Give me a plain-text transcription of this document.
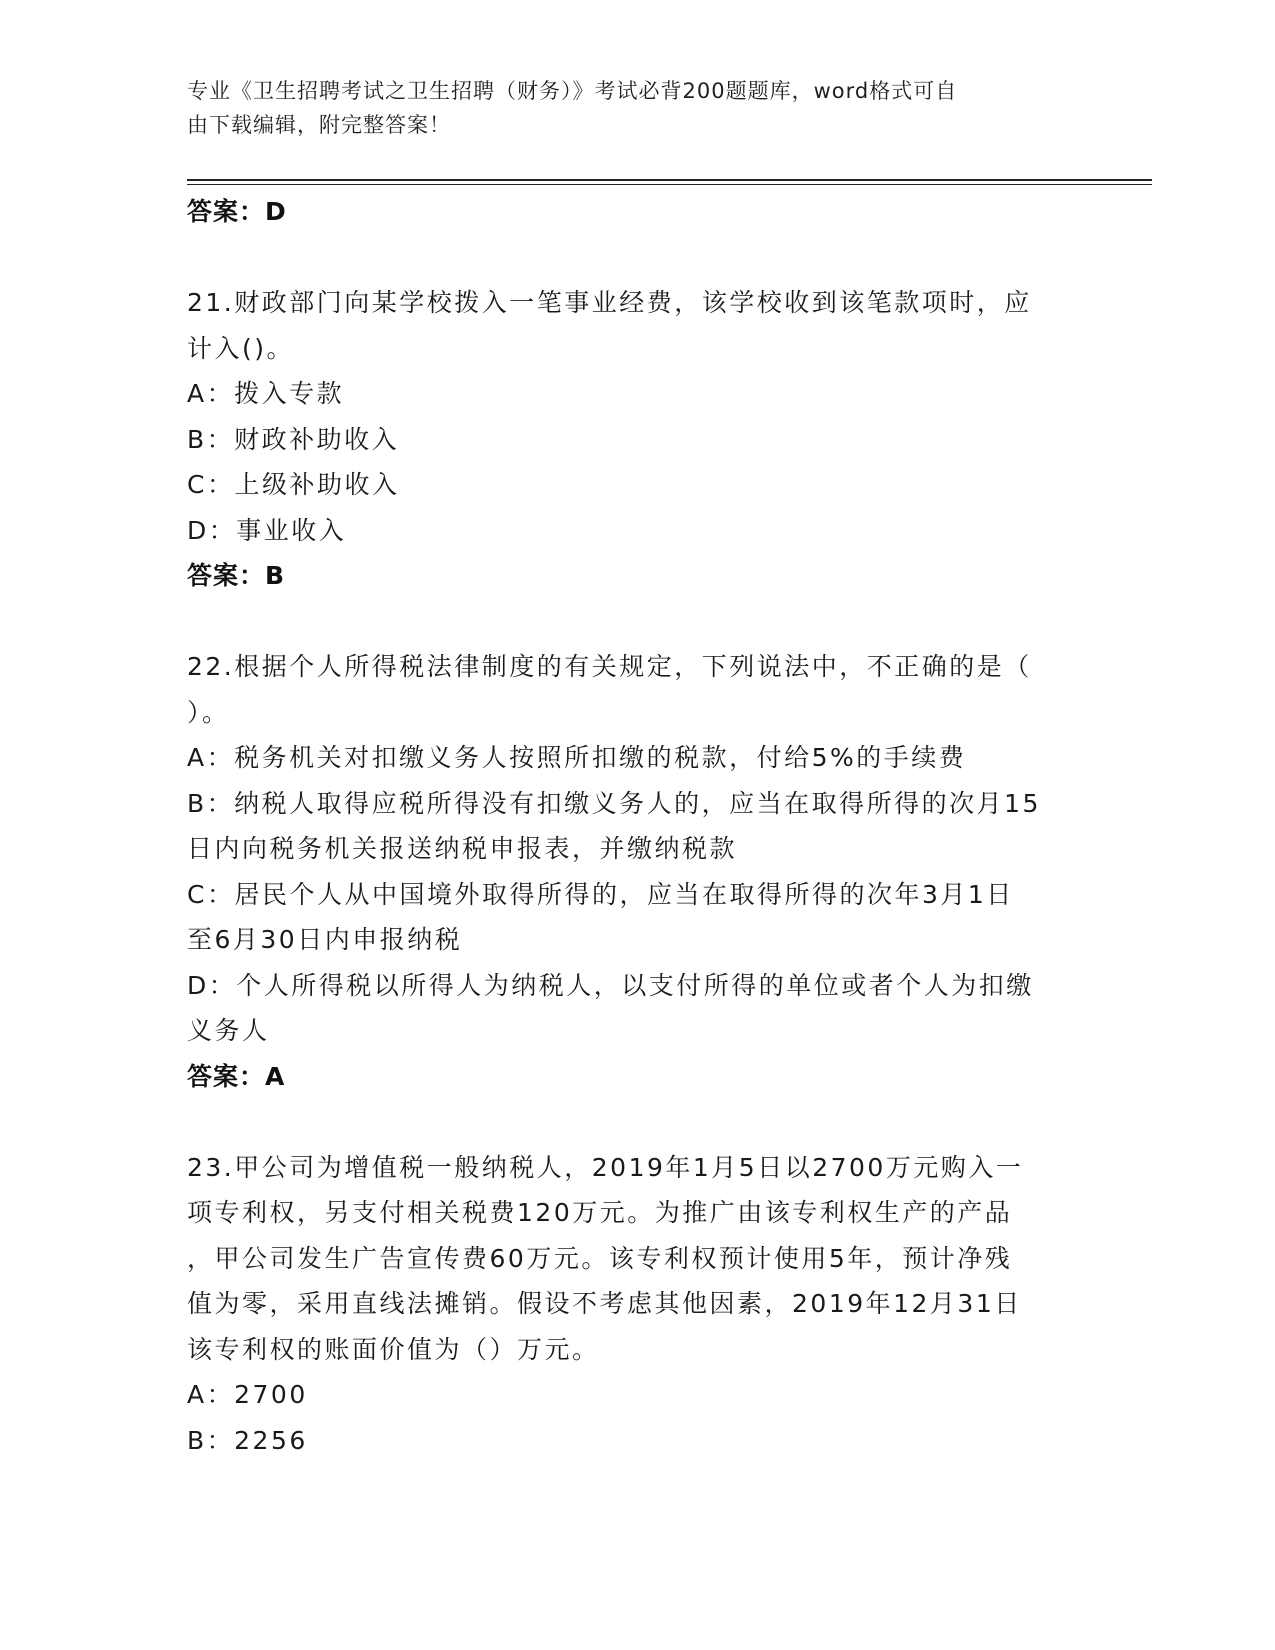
专业《卫生招聘考试之卫生招聘（财务）》考试必背200题题库，word格式可自
由下载编辑，附完整答案！
答案：D
21.财政部门向某学校拨入一笔事业经费，该学校收到该笔款项时，应
计入()。
A：拨入专款
B：财政补助收入
C：上级补助收入
D：事业收入
答案：B
22.根据个人所得税法律制度的有关规定，下列说法中，不正确的是（
）。
A：税务机关对扣缴义务人按照所扣缴的税款，付给5%的手续费
B：纳税人取得应税所得没有扣缴义务人的，应当在取得所得的次月15
日内向税务机关报送纳税申报表，并缴纳税款
C：居民个人从中国境外取得所得的，应当在取得所得的次年3月1日
至6月30日内申报纳税
D：个人所得税以所得人为纳税人，以支付所得的单位或者个人为扣缴
义务人
答案：A
23.甲公司为增值税一般纳税人，2019年1月5日以2700万元购入一
项专利权，另支付相关税费120万元。为推广由该专利权生产的产品
，甲公司发生广告宣传费60万元。该专利权预计使用5年，预计净残
值为零，采用直线法摊销。假设不考虑其他因素，2019年12月31日
该专利权的账面价值为（）万元。
A：2700
B：2256
